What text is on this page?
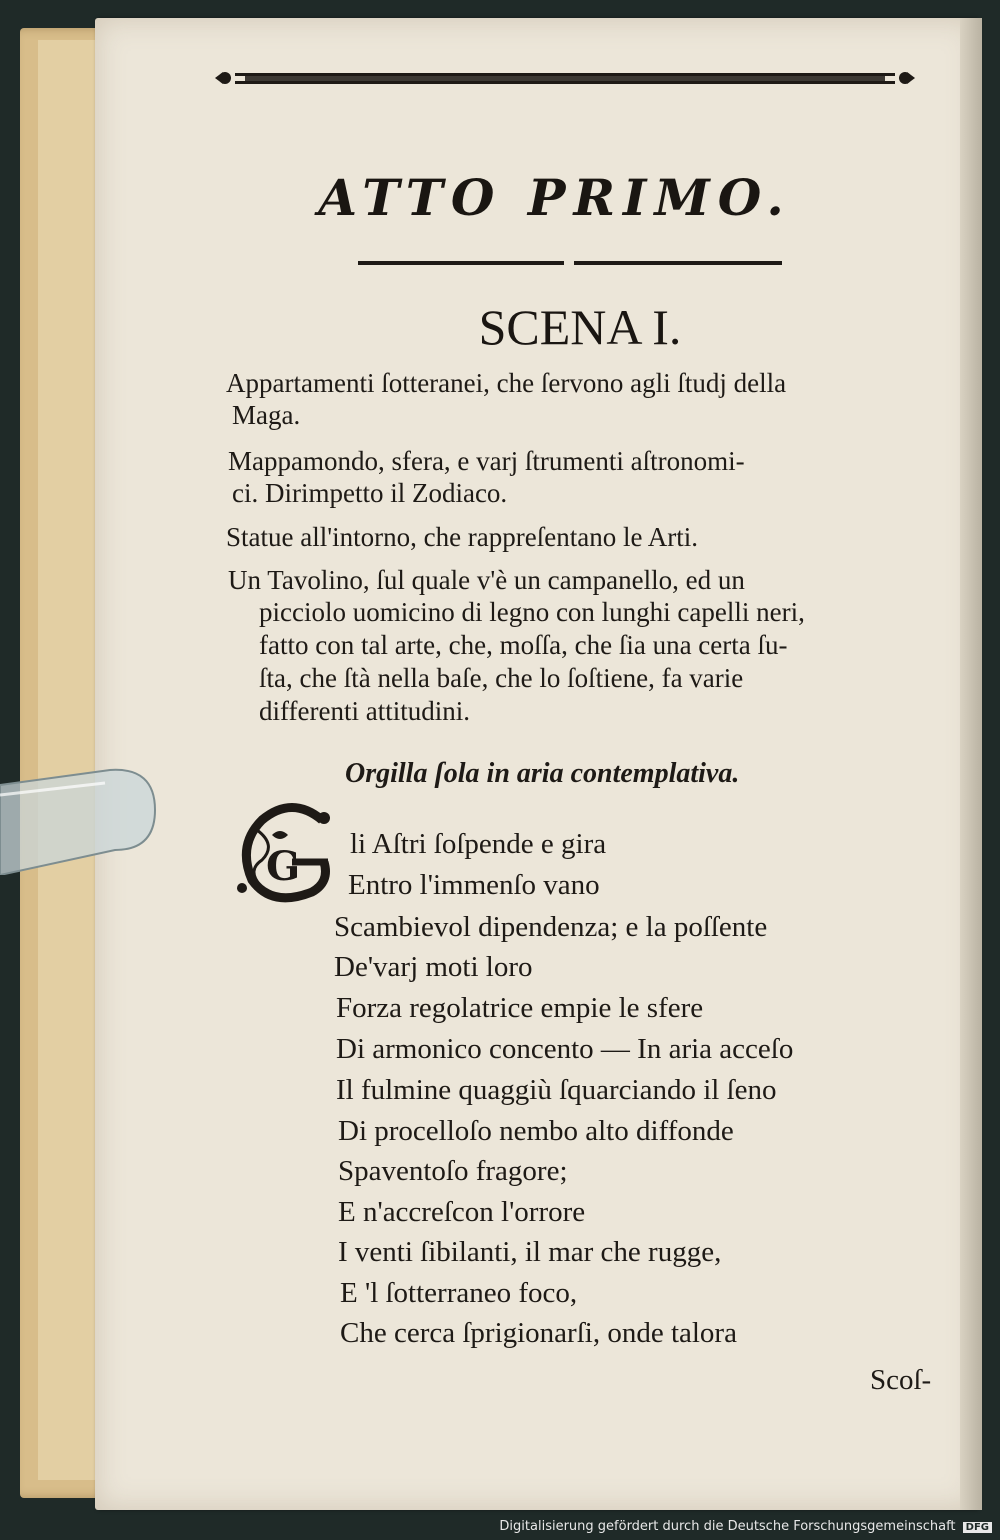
ATTO PRIMO.
SCENA I.
Appartamenti ſotteranei, che ſervono agli ſtudj della
Maga.
Mappamondo, sfera, e varj ſtrumenti aſtronomi-
ci. Dirimpetto il Zodiaco.
Statue all'intorno, che rappreſentano le Arti.
Un Tavolino, ſul quale v'è un campanello, ed un
picciolo uomicino di legno con lunghi capelli neri,
fatto con tal arte, che, moſſa, che ſia una certa ſu-
ſta, che ſtà nella baſe, che lo ſoſtiene, fa varie
differenti attitudini.
Orgilla ſola in aria contemplativa.
G li Aſtri ſoſpende e gira
Entro l'immenſo vano
Scambievol dipendenza; e la poſſente
De'varj moti loro
Forza regolatrice empie le sfere
Di armonico concento — In aria acceſo
Il fulmine quaggiù ſquarciando il ſeno
Di procelloſo nembo alto diffonde
Spaventoſo fragore;
E n'accreſcon l'orrore
I venti ſibilanti, il mar che rugge,
E 'l ſotterraneo foco,
Che cerca ſprigionarſi, onde talora
Scoſ-
Digitalisierung gefördert durch die Deutsche Forschungsgemeinschaft DFG
